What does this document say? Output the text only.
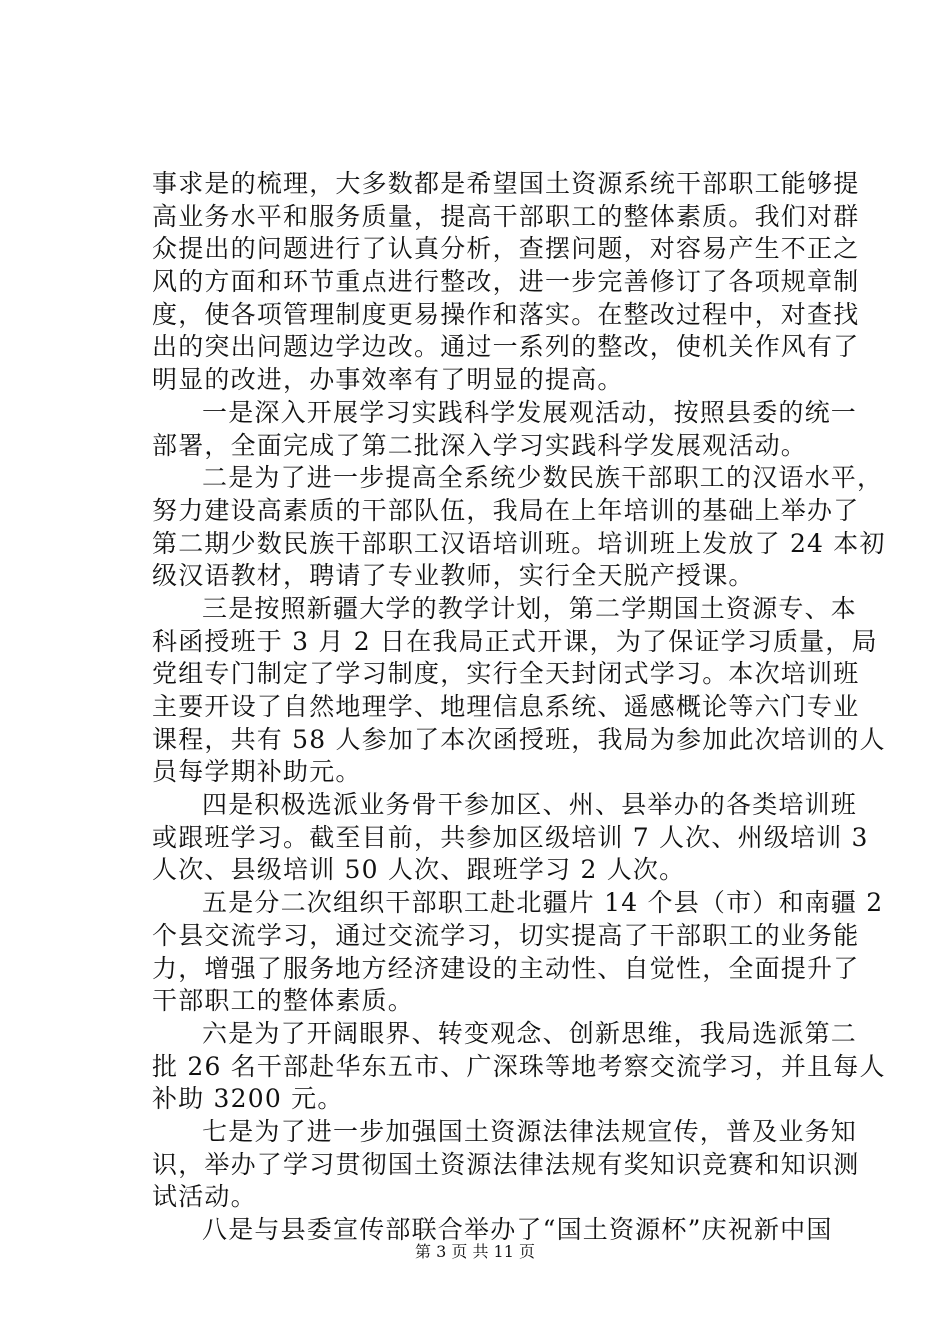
事求是的梳理，大多数都是希望国土资源系统干部职工能够提
高业务水平和服务质量，提高干部职工的整体素质。我们对群
众提出的问题进行了认真分析，查摆问题，对容易产生不正之
风的方面和环节重点进行整改，进一步完善修订了各项规章制
度，使各项管理制度更易操作和落实。在整改过程中，对查找
出的突出问题边学边改。通过一系列的整改，使机关作风有了
明显的改进，办事效率有了明显的提高。
一是深入开展学习实践科学发展观活动，按照县委的统一
部署，全面完成了第二批深入学习实践科学发展观活动。
二是为了进一步提高全系统少数民族干部职工的汉语水平，
努力建设高素质的干部队伍，我局在上年培训的基础上举办了
第二期少数民族干部职工汉语培训班。培训班上发放了 24 本初
级汉语教材，聘请了专业教师，实行全天脱产授课。
三是按照新疆大学的教学计划，第二学期国土资源专、本
科函授班于 3 月 2 日在我局正式开课，为了保证学习质量，局
党组专门制定了学习制度，实行全天封闭式学习。本次培训班
主要开设了自然地理学、地理信息系统、遥感概论等六门专业
课程，共有 58 人参加了本次函授班，我局为参加此次培训的人
员每学期补助元。
四是积极选派业务骨干参加区、州、县举办的各类培训班
或跟班学习。截至目前，共参加区级培训 7 人次、州级培训 3
人次、县级培训 50 人次、跟班学习 2 人次。
五是分二次组织干部职工赴北疆片 14 个县（市）和南疆 2
个县交流学习，通过交流学习，切实提高了干部职工的业务能
力，增强了服务地方经济建设的主动性、自觉性，全面提升了
干部职工的整体素质。
六是为了开阔眼界、转变观念、创新思维，我局选派第二
批 26 名干部赴华东五市、广深珠等地考察交流学习，并且每人
补助 3200 元。
七是为了进一步加强国土资源法律法规宣传，普及业务知
识，举办了学习贯彻国土资源法律法规有奖知识竞赛和知识测
试活动。
八是与县委宣传部联合举办了“国土资源杯”庆祝新中国
第 3 页 共 11 页
